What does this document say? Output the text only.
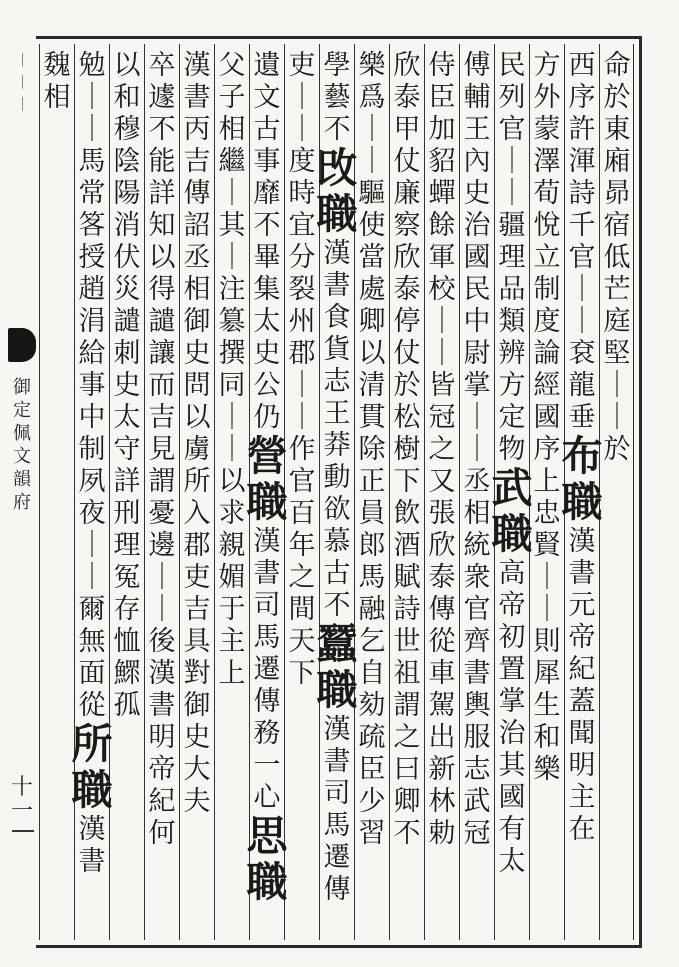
︱︱︱
御
定
佩
文
韻
府
十一
命
於
東
廂
昴
宿
低
芒
庭
堅
｜
｜
於
西
序
許
渾
詩
千
官
｜
｜
袞
龍
垂
布
職
漢
書
元
帝
紀
蓋
聞
明
主
在
方
外
蒙
澤
荀
悅
立
制
度
論
經
國
序
上
忠
賢
｜
｜
則
犀
生
和
樂
民
列
官
｜
｜
疆
理
品
類
辨
方
定
物
武
職
高
帝
初
置
掌
治
其
國
有
太
傅
輔
王
內
史
治
國
民
中
尉
掌
｜
｜
丞
相
統
衆
官
齊
書
輿
服
志
武
冠
侍
臣
加
貂
蟬
餘
軍
校
｜
｜
皆
冠
之
又
張
欣
泰
傳
從
車
駕
出
新
林
勅
欣
泰
甲
仗
廉
察
欣
泰
停
仗
於
松
樹
下
飲
酒
賦
詩
世
祖
謂
之
曰
卿
不
樂
爲
｜
｜
驅
使
當
處
卿
以
清
貫
除
正
員
郎
馬
融
乞
自
劾
疏
臣
少
習
學
藝
不
攺
職
漢
書
食
貨
志
王
莽
動
欲
慕
古
不
蠶
職
漢
書
司
馬
遷
傳
吏
｜
｜
度
時
宜
分
裂
州
郡
｜
｜
作
官
百
年
之
間
天
下
遺
文
古
事
靡
不
畢
集
太
史
公
仍
營
職
漢
書
司
馬
遷
傳
務
一
心
思
職
父
子
相
繼
｜
其
｜
注
簒
撰
同
｜
｜
以
求
親
媚
于
主
上
漢
書
丙
吉
傳
詔
丞
相
御
史
問
以
虜
所
入
郡
吏
吉
具
對
御
史
大
夫
卒
遽
不
能
詳
知
以
得
譴
讓
而
吉
見
謂
憂
邊
｜
｜
後
漢
書
明
帝
紀
何
以
和
穆
陰
陽
消
伏
災
譴
刺
史
太
守
詳
刑
理
冤
存
恤
鰥
孤
勉
｜
｜
馬
常
笿
授
趙
涓
給
事
中
制
夙
夜
｜
｜
爾
無
面
從
所
職
漢
書
魏
相
